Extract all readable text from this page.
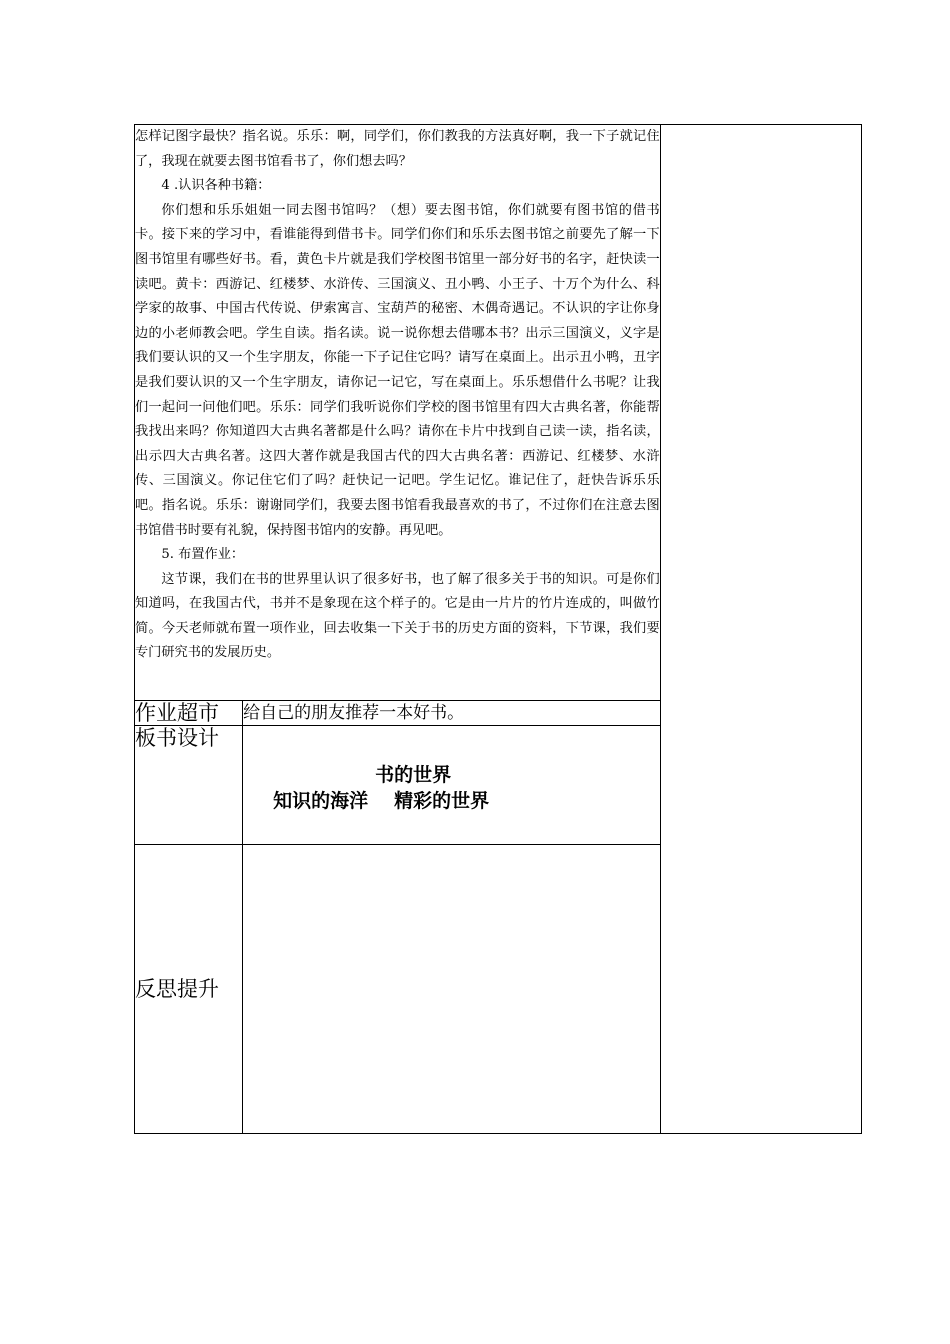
怎样记图字最快？指名说。乐乐：啊，同学们，你们教我的方法真好啊，我一下子就记住了，我现在就要去图书馆看书了，你们想去吗？

4 .认识各种书籍：

你们想和乐乐姐姐一同去图书馆吗？（想）要去图书馆，你们就要有图书馆的借书卡。接下来的学习中，看谁能得到借书卡。同学们你们和乐乐去图书馆之前要先了解一下图书馆里有哪些好书。看，黄色卡片就是我们学校图书馆里一部分好书的名字，赶快读一读吧。黄卡：西游记、红楼梦、水浒传、三国演义、丑小鸭、小王子、十万个为什么、科学家的故事、中国古代传说、伊索寓言、宝葫芦的秘密、木偶奇遇记。不认识的字让你身边的小老师教会吧。学生自读。指名读。说一说你想去借哪本书？出示三国演义，义字是我们要认识的又一个生字朋友，你能一下子记住它吗？请写在桌面上。出示丑小鸭，丑字是我们要认识的又一个生字朋友，请你记一记它，写在桌面上。乐乐想借什么书呢？让我们一起问一问他们吧。乐乐：同学们我听说你们学校的图书馆里有四大古典名著，你能帮我找出来吗？你知道四大古典名著都是什么吗？请你在卡片中找到自己读一读，指名读，出示四大古典名著。这四大著作就是我国古代的四大古典名著：西游记、红楼梦、水浒传、三国演义。你记住它们了吗？赶快记一记吧。学生记忆。谁记住了，赶快告诉乐乐吧。指名说。乐乐：谢谢同学们，我要去图书馆看我最喜欢的书了，不过你们在注意去图书馆借书时要有礼貌，保持图书馆内的安静。再见吧。

5. 布置作业：

这节课，我们在书的世界里认识了很多好书，也了解了很多关于书的知识。可是你们知道吗，在我国古代，书并不是象现在这个样子的。它是由一片片的竹片连成的，叫做竹简。今天老师就布置一项作业，回去收集一下关于书的历史方面的资料，下节课，我们要专门研究书的发展历史。		

作业超市	给自己的朋友推荐一本好书。	
板书设计	书的世界
知识的海洋 精彩的世界	

反思提升		
